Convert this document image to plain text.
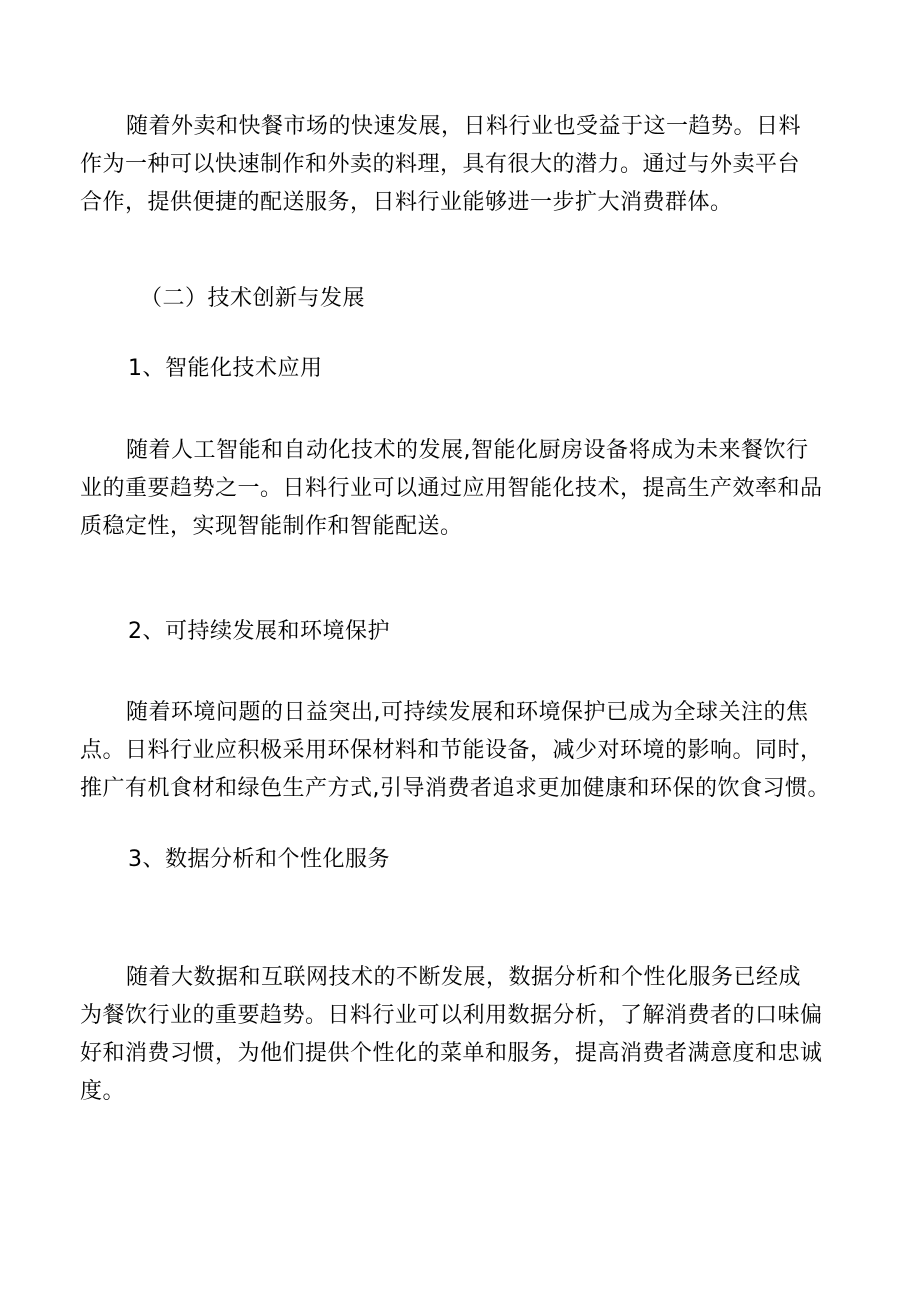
随着外卖和快餐市场的快速发展，日料行业也受益于这一趋势。日料
作为一种可以快速制作和外卖的料理，具有很大的潜力。通过与外卖平台
合作，提供便捷的配送服务，日料行业能够进一步扩大消费群体。
（二）技术创新与发展
1、智能化技术应用
随着人工智能和自动化技术的发展,智能化厨房设备将成为未来餐饮行
业的重要趋势之一。日料行业可以通过应用智能化技术，提高生产效率和品
质稳定性，实现智能制作和智能配送。
2、可持续发展和环境保护
随着环境问题的日益突出,可持续发展和环境保护已成为全球关注的焦
点。日料行业应积极采用环保材料和节能设备，减少对环境的影响。同时，
推广有机食材和绿色生产方式,引导消费者追求更加健康和环保的饮食习惯。
3、数据分析和个性化服务
随着大数据和互联网技术的不断发展，数据分析和个性化服务已经成
为餐饮行业的重要趋势。日料行业可以利用数据分析，了解消费者的口味偏
好和消费习惯，为他们提供个性化的菜单和服务，提高消费者满意度和忠诚
度。
